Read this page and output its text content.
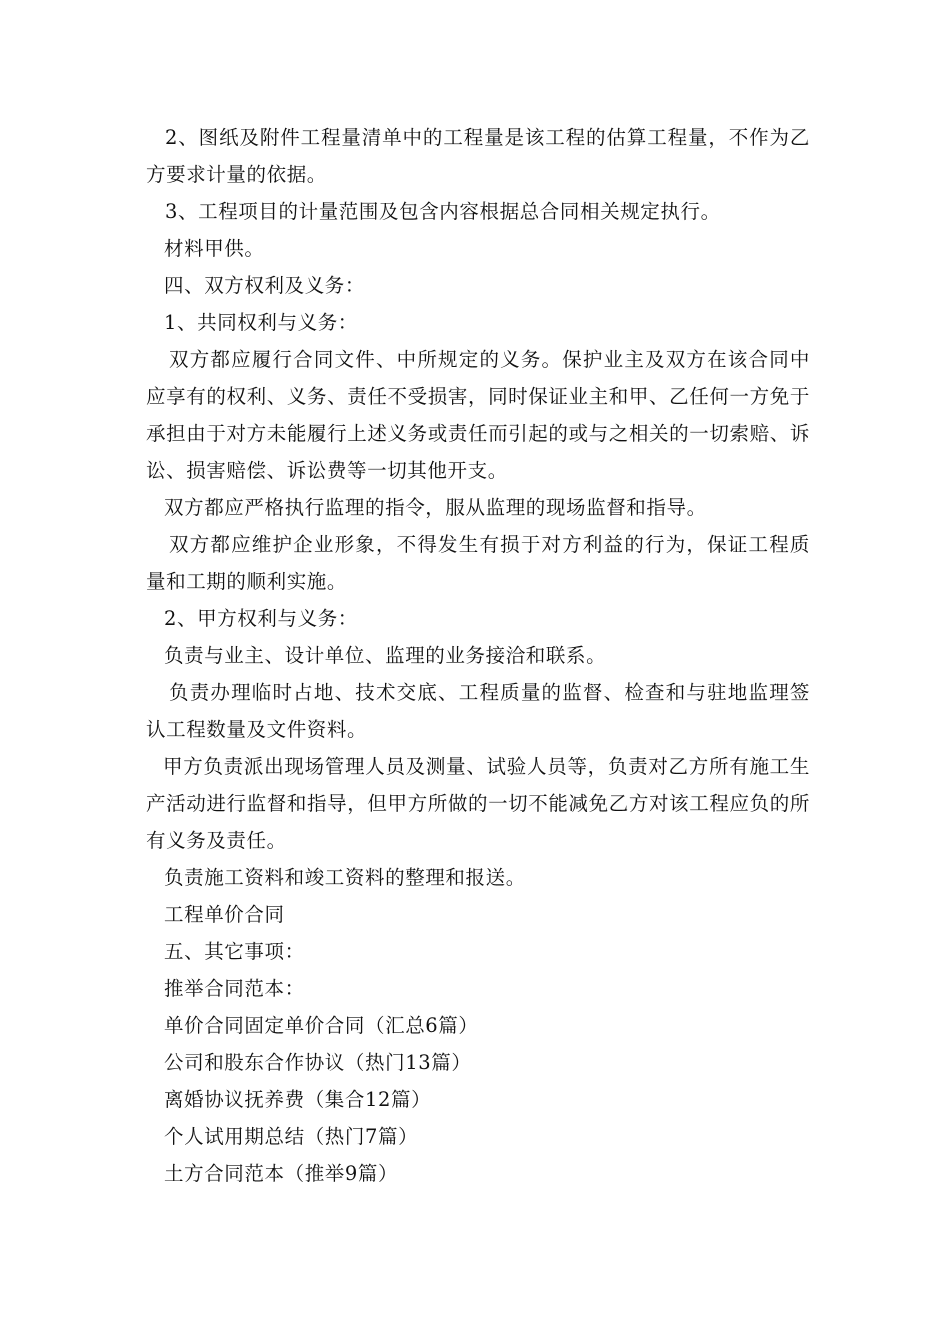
2、图纸及附件工程量清单中的工程量是该工程的估算工程量，不作为乙方要求计量的依据。

3、工程项目的计量范围及包含内容根据总合同相关规定执行。

材料甲供。

四、双方权利及义务：

1、共同权利与义务：

双方都应履行合同文件、中所规定的义务。保护业主及双方在该合同中应享有的权利、义务、责任不受损害，同时保证业主和甲、乙任何一方免于承担由于对方未能履行上述义务或责任而引起的或与之相关的一切索赔、诉讼、损害赔偿、诉讼费等一切其他开支。

双方都应严格执行监理的指令，服从监理的现场监督和指导。

双方都应维护企业形象，不得发生有损于对方利益的行为，保证工程质量和工期的顺利实施。

2、甲方权利与义务：

负责与业主、设计单位、监理的业务接洽和联系。

负责办理临时占地、技术交底、工程质量的监督、检查和与驻地监理签认工程数量及文件资料。

甲方负责派出现场管理人员及测量、试验人员等，负责对乙方所有施工生产活动进行监督和指导，但甲方所做的一切不能减免乙方对该工程应负的所有义务及责任。

负责施工资料和竣工资料的整理和报送。

工程单价合同

五、其它事项：

推举合同范本：

单价合同固定单价合同（汇总6篇）

公司和股东合作协议（热门13篇）

离婚协议抚养费（集合12篇）

个人试用期总结（热门7篇）

土方合同范本（推举9篇）
